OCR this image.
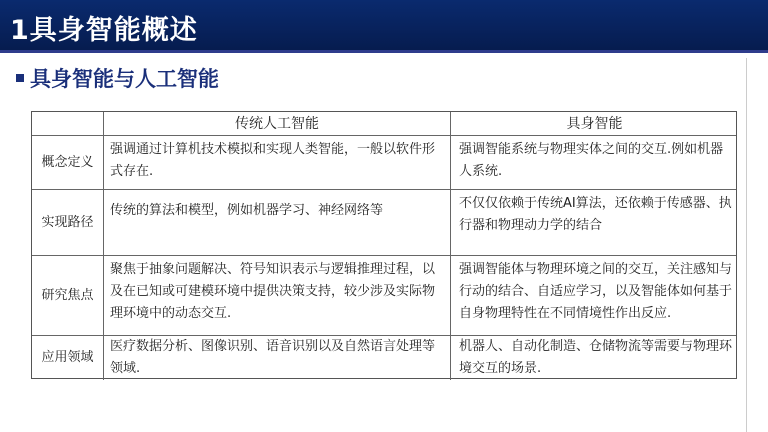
1具身智能概述
具身智能与人工智能
传统人工智能	具身智能
概念定义
强调通过计算机技术模拟和实现人类智能，一般以软件形式存在.
强调智能系统与物理实体之间的交互.例如机器人系统.
实现路径
传统的算法和模型，例如机器学习、神经网络等	不仅仅依赖于传统AI算法，还依赖于传感器、执行器和物理动力学的结合
研究焦点
聚焦于抽象问题解决、符号知识表示与逻辑推理过程，以及在已知或可建模环境中提供决策支持，较少涉及实际物理环境中的动态交互.
强调智能体与物理环境之间的交互，关注感知与行动的结合、自适应学习，以及智能体如何基于自身物理特性在不同情境性作出反应.
应用领域
医疗数据分析、图像识别、语音识别以及自然语言处理等领域.
机器人、自动化制造、仓储物流等需要与物理环境交互的场景.
